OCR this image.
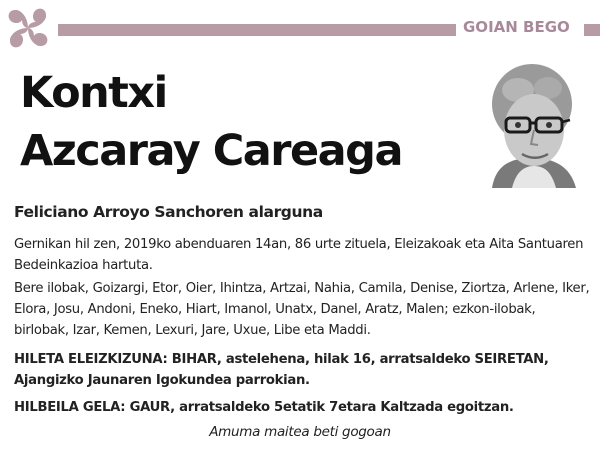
GOIAN BEGO
Kontxi
Azcaray Careaga
Feliciano Arroyo Sanchoren alarguna
Gernikan hil zen, 2019ko abenduaren 14an, 86 urte zituela, Eleizakoak eta Aita Santuaren Bedeinkazioa hartuta.
Bere ilobak, Goizargi, Etor, Oier, Ihintza, Artzai, Nahia, Camila, Denise, Ziortza, Arlene, Iker, Elora, Josu, Andoni, Eneko, Hiart, Imanol, Unatx, Danel, Aratz, Malen; ezkon-ilobak, birlobak, Izar, Kemen, Lexuri, Jare, Uxue, Libe eta Maddi.
HILETA ELEIZKIZUNA: BIHAR, astelehena, hilak 16, arratsaldeko SEIRETAN, Ajangizko Jaunaren Igokundea parrokian.
HILBEILA GELA: GAUR, arratsaldeko 5etatik 7etara Kaltzada egoitzan.
Amuma maitea beti gogoan
